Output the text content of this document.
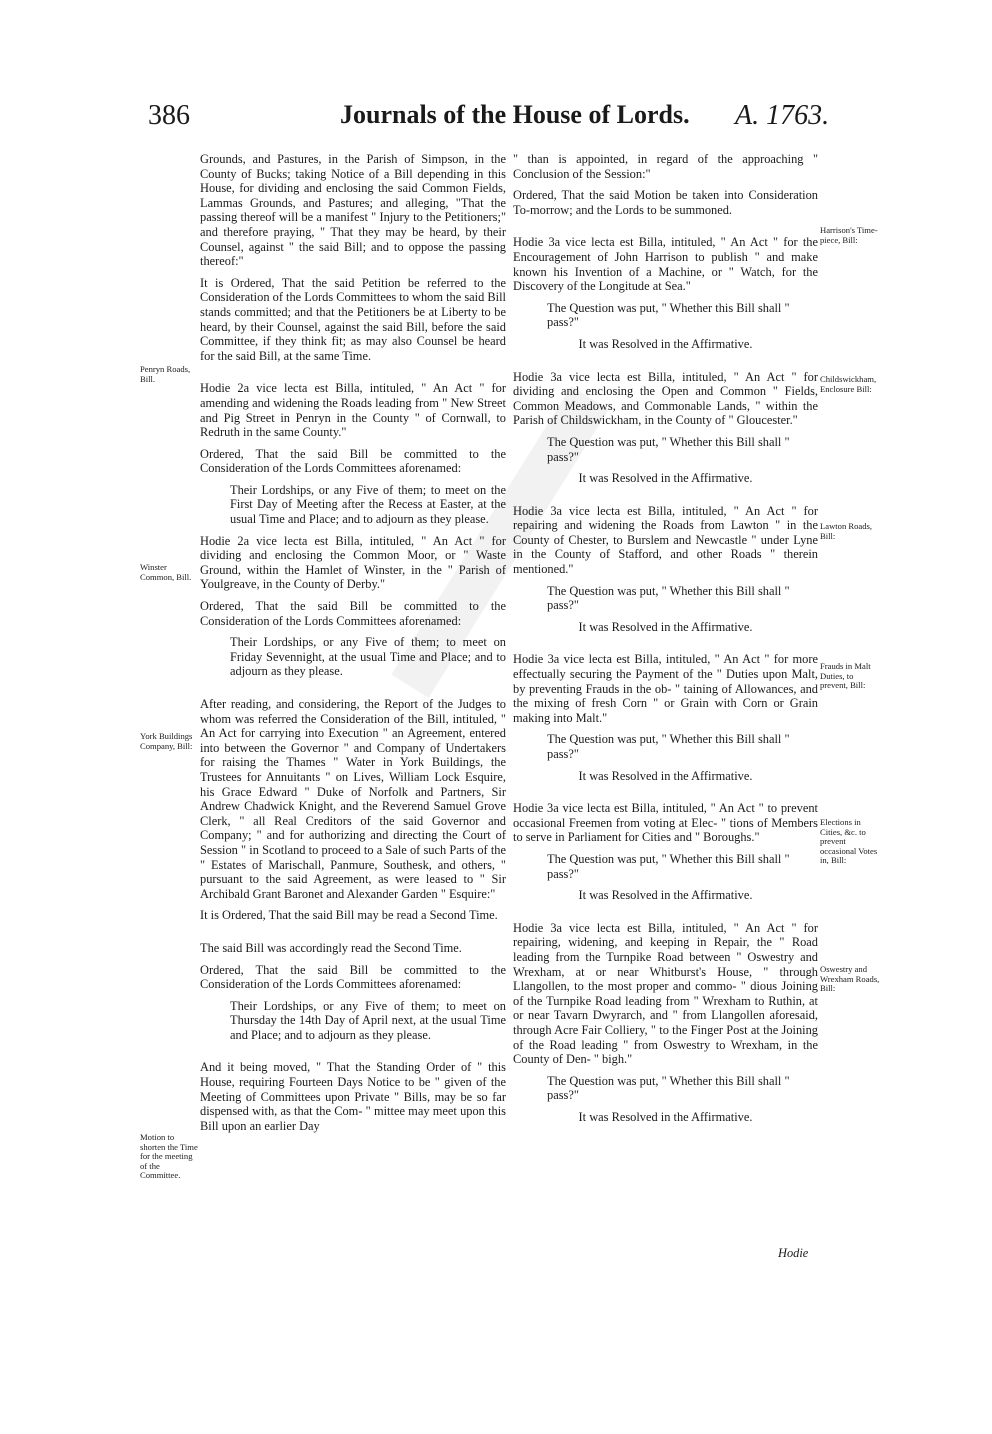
386	Journals of the House of Lords. A. 1763.

Grounds, and Pastures, in the Parish of Simpson, in the County of Bucks; taking Notice of a Bill depending in this House, for dividing and enclosing the said Common Fields, Lammas Grounds, and Pastures; and alleging, "That the passing thereof will be a manifest " Injury to the Petitioners;" and therefore praying, " That they may be heard, by their Counsel, against " the said Bill; and to oppose the passing thereof:"

It is Ordered, That the said Petition be referred to the Consideration of the Lords Committees to whom the said Bill stands committed; and that the Petitioners be at Liberty to be heard, by their Counsel, against the said Bill, before the said Committee, if they think fit; as may also Counsel be heard for the said Bill, at the same Time.

Hodie 2a vice lecta est Billa, intituled, " An Act " for amending and widening the Roads leading from " New Street and Pig Street in Penryn in the County " of Cornwall, to Redruth in the same County."

Ordered, That the said Bill be committed to the Consideration of the Lords Committees aforenamed:

Their Lordships, or any Five of them; to meet on the First Day of Meeting after the Recess at Easter, at the usual Time and Place; and to adjourn as they please.

Hodie 2a vice lecta est Billa, intituled, " An Act " for dividing and enclosing the Common Moor, or " Waste Ground, within the Hamlet of Winster, in the " Parish of Youlgreave, in the County of Derby."

Ordered, That the said Bill be committed to the Consideration of the Lords Committees aforenamed:

Their Lordships, or any Five of them; to meet on Friday Sevennight, at the usual Time and Place; and to adjourn as they please.

After reading, and considering, the Report of the Judges to whom was referred the Consideration of the Bill, intituled, " An Act for carrying into Execution " an Agreement, entered into between the Governor " and Company of Undertakers for raising the Thames " Water in York Buildings, the Trustees for Annuitants " on Lives, William Lock Esquire, his Grace Edward " Duke of Norfolk and Partners, Sir Andrew Chadwick Knight, and the Reverend Samuel Grove Clerk, " all Real Creditors of the said Governor and Company; " and for authorizing and directing the Court of Session " in Scotland to proceed to a Sale of such Parts of the " Estates of Marischall, Panmure, Southesk, and others, " pursuant to the said Agreement, as were leased to " Sir Archibald Grant Baronet and Alexander Garden " Esquire:"

It is Ordered, That the said Bill may be read a Second Time.

The said Bill was accordingly read the Second Time.

Ordered, That the said Bill be committed to the Consideration of the Lords Committees aforenamed:

Their Lordships, or any Five of them; to meet on Thursday the 14th Day of April next, at the usual Time and Place; and to adjourn as they please.

And it being moved, " That the Standing Order of " this House, requiring Fourteen Days Notice to be " given of the Meeting of Committees upon Private " Bills, may be so far dispensed with, as that the Com- " mittee may meet upon this Bill upon an earlier Day

" than is appointed, in regard of the approaching " Conclusion of the Session:"

Ordered, That the said Motion be taken into Consideration To-morrow; and the Lords to be summoned.

Hodie 3a vice lecta est Billa, intituled, " An Act " for the Encouragement of John Harrison to publish " and make known his Invention of a Machine, or " Watch, for the Discovery of the Longitude at Sea."

The Question was put, " Whether this Bill shall " pass?"

It was Resolved in the Affirmative.

Hodie 3a vice lecta est Billa, intituled, " An Act " for dividing and enclosing the Open and Common " Fields, Common Meadows, and Commonable Lands, " within the Parish of Childswickham, in the County of " Gloucester."

The Question was put, " Whether this Bill shall " pass?"

It was Resolved in the Affirmative.

Hodie 3a vice lecta est Billa, intituled, " An Act " for repairing and widening the Roads from Lawton " in the County of Chester, to Burslem and Newcastle " under Lyne in the County of Stafford, and other Roads " therein mentioned."

The Question was put, " Whether this Bill shall " pass?"

It was Resolved in the Affirmative.

Hodie 3a vice lecta est Billa, intituled, " An Act " for more effectually securing the Payment of the " Duties upon Malt, by preventing Frauds in the ob- " taining of Allowances, and the mixing of fresh Corn " or Grain with Corn or Grain making into Malt."

The Question was put, " Whether this Bill shall " pass?"

It was Resolved in the Affirmative.

Hodie 3a vice lecta est Billa, intituled, " An Act " to prevent occasional Freemen from voting at Elec- " tions of Members to serve in Parliament for Cities and " Boroughs."

The Question was put, " Whether this Bill shall " pass?"

It was Resolved in the Affirmative.

Hodie 3a vice lecta est Billa, intituled, " An Act " for repairing, widening, and keeping in Repair, the " Road leading from the Turnpike Road between " Oswestry and Wrexham, at or near Whitburst's House, " through Llangollen, to the most proper and commo- " dious Joining of the Turnpike Road leading from " Wrexham to Ruthin, at or near Tavarn Dwyrarch, and " from Llangollen aforesaid, through Acre Fair Colliery, " to the Finger Post at the Joining of the Road leading " from Oswestry to Wrexham, in the County of Den- " bigh."

The Question was put, " Whether this Bill shall " pass?"

It was Resolved in the Affirmative.

Penryn Roads, Bill.
Winster Common, Bill.
York Buildings Company, Bill:
Motion to shorten the Time for the meeting of the Committee.
Harrison's Time-piece, Bill:
Childswickham, Enclosure Bill:
Lawton Roads, Bill:
Frauds in Malt Duties, to prevent, Bill:
Elections in Cities, &c. to prevent occasional Votes in, Bill:
Oswestry and Wrexham Roads, Bill:
Hodie
